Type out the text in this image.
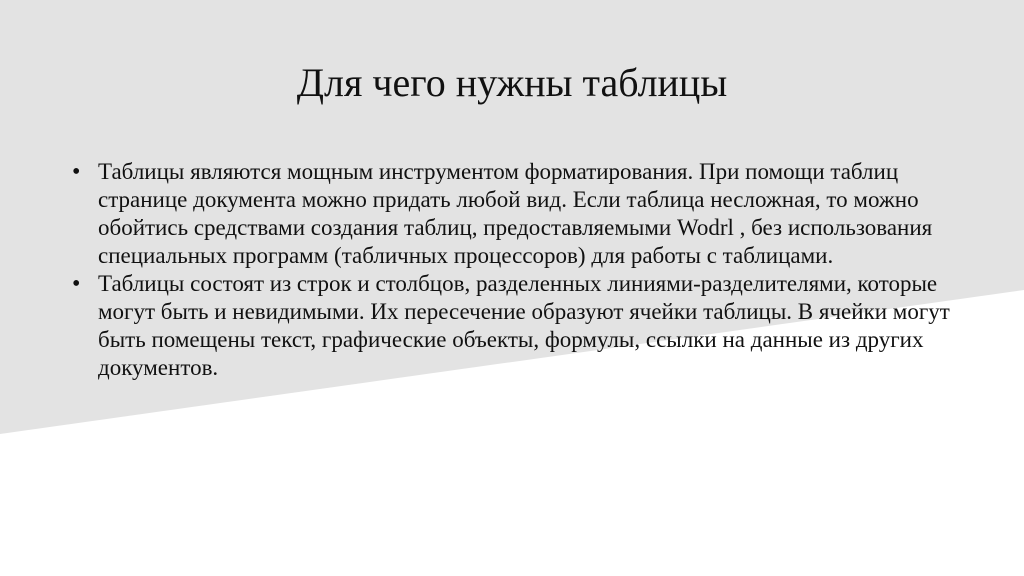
Для чего нужны таблицы
• Таблицы являются мощным инструментом форматирования. При помощи таблиц странице документа можно придать любой вид. Если таблица несложная, то можно обойтись средствами создания таблиц, предоставляемыми Wodrl , без использования специальных программ (табличных процессоров) для работы с таблицами.
• Таблицы состоят из строк и столбцов, разделенных линиями-разделителями, которые могут быть и невидимыми. Их пересечение образуют ячейки таблицы. В ячейки могут быть помещены текст, графические объекты, формулы, ссылки на данные из других документов.
